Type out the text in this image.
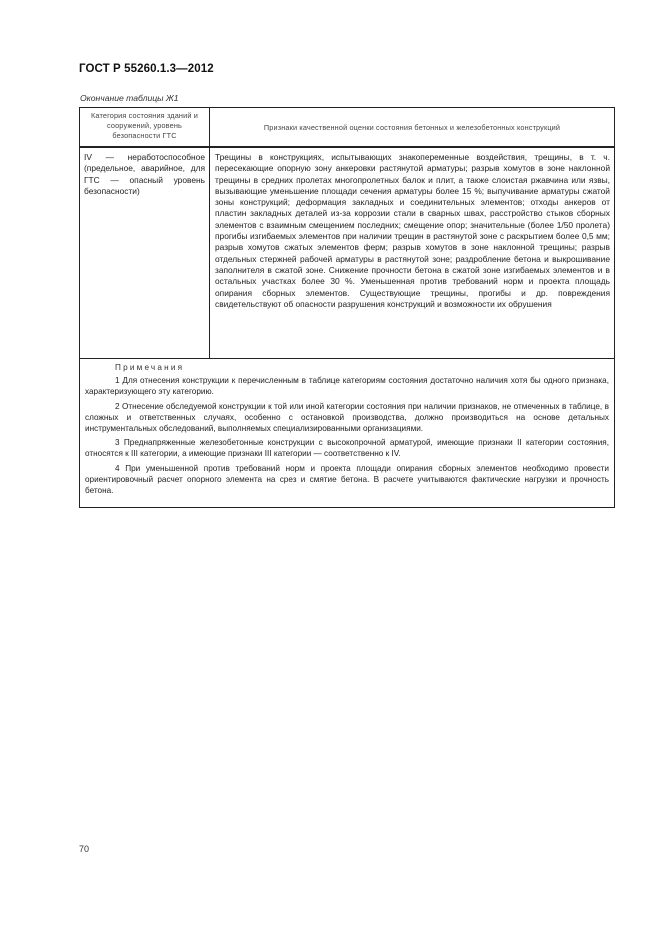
ГОСТ Р 55260.1.3—2012
Окончание таблицы Ж1
Категория состояния зданий и сооружений, уровень безопасности ГТС
Признаки качественной оценки состояния бетонных и железобетонных конструкций
IV — неработоспособное (предельное, аварийное, для ГТС — опасный уровень безопасности)
Трещины в конструкциях, испытывающих знакопеременные воздействия, трещины, в т. ч. пересекающие опорную зону анкеровки растянутой арматуры; разрыв хомутов в зоне наклонной трещины в средних пролетах многопролетных балок и плит, а также слоистая ржавчина или язвы, вызывающие уменьшение площади сечения арматуры более 15 %; выпучивание арматуры сжатой зоны конструкций; деформация закладных и соединительных элементов; отходы анкеров от пластин закладных деталей из-за коррозии стали в сварных швах, расстройство стыков сборных элементов с взаимным смещением последних; смещение опор; значительные (более 1/50 пролета) прогибы изгибаемых элементов при наличии трещин в растянутой зоне с раскрытием более 0,5 мм; разрыв хомутов сжатых элементов ферм; разрыв хомутов в зоне наклонной трещины; разрыв отдельных стержней рабочей арматуры в растянутой зоне; раздробление бетона и выкрошивание заполнителя в сжатой зоне. Снижение прочности бетона в сжатой зоне изгибаемых элементов и в остальных участках более 30 %. Уменьшенная против требований норм и проекта площадь опирания сборных элементов. Существующие трещины, прогибы и др. повреждения свидетельствуют об опасности разрушения конструкций и возможности их обрушения
Примечания
1 Для отнесения конструкции к перечисленным в таблице категориям состояния достаточно наличия хотя бы одного признака, характеризующего эту категорию.
2 Отнесение обследуемой конструкции к той или иной категории состояния при наличии признаков, не отмеченных в таблице, в сложных и ответственных случаях, особенно с остановкой производства, должно производиться на основе детальных инструментальных обследований, выполняемых специализированными организациями.
3 Преднапряженные железобетонные конструкции с высокопрочной арматурой, имеющие признаки II категории состояния, относятся к III категории, а имеющие признаки III категории — соответственно к IV.
4 При уменьшенной против требований норм и проекта площади опирания сборных элементов необходимо провести ориентировочный расчет опорного элемента на срез и смятие бетона. В расчете учитываются фактические нагрузки и прочность бетона.
70
